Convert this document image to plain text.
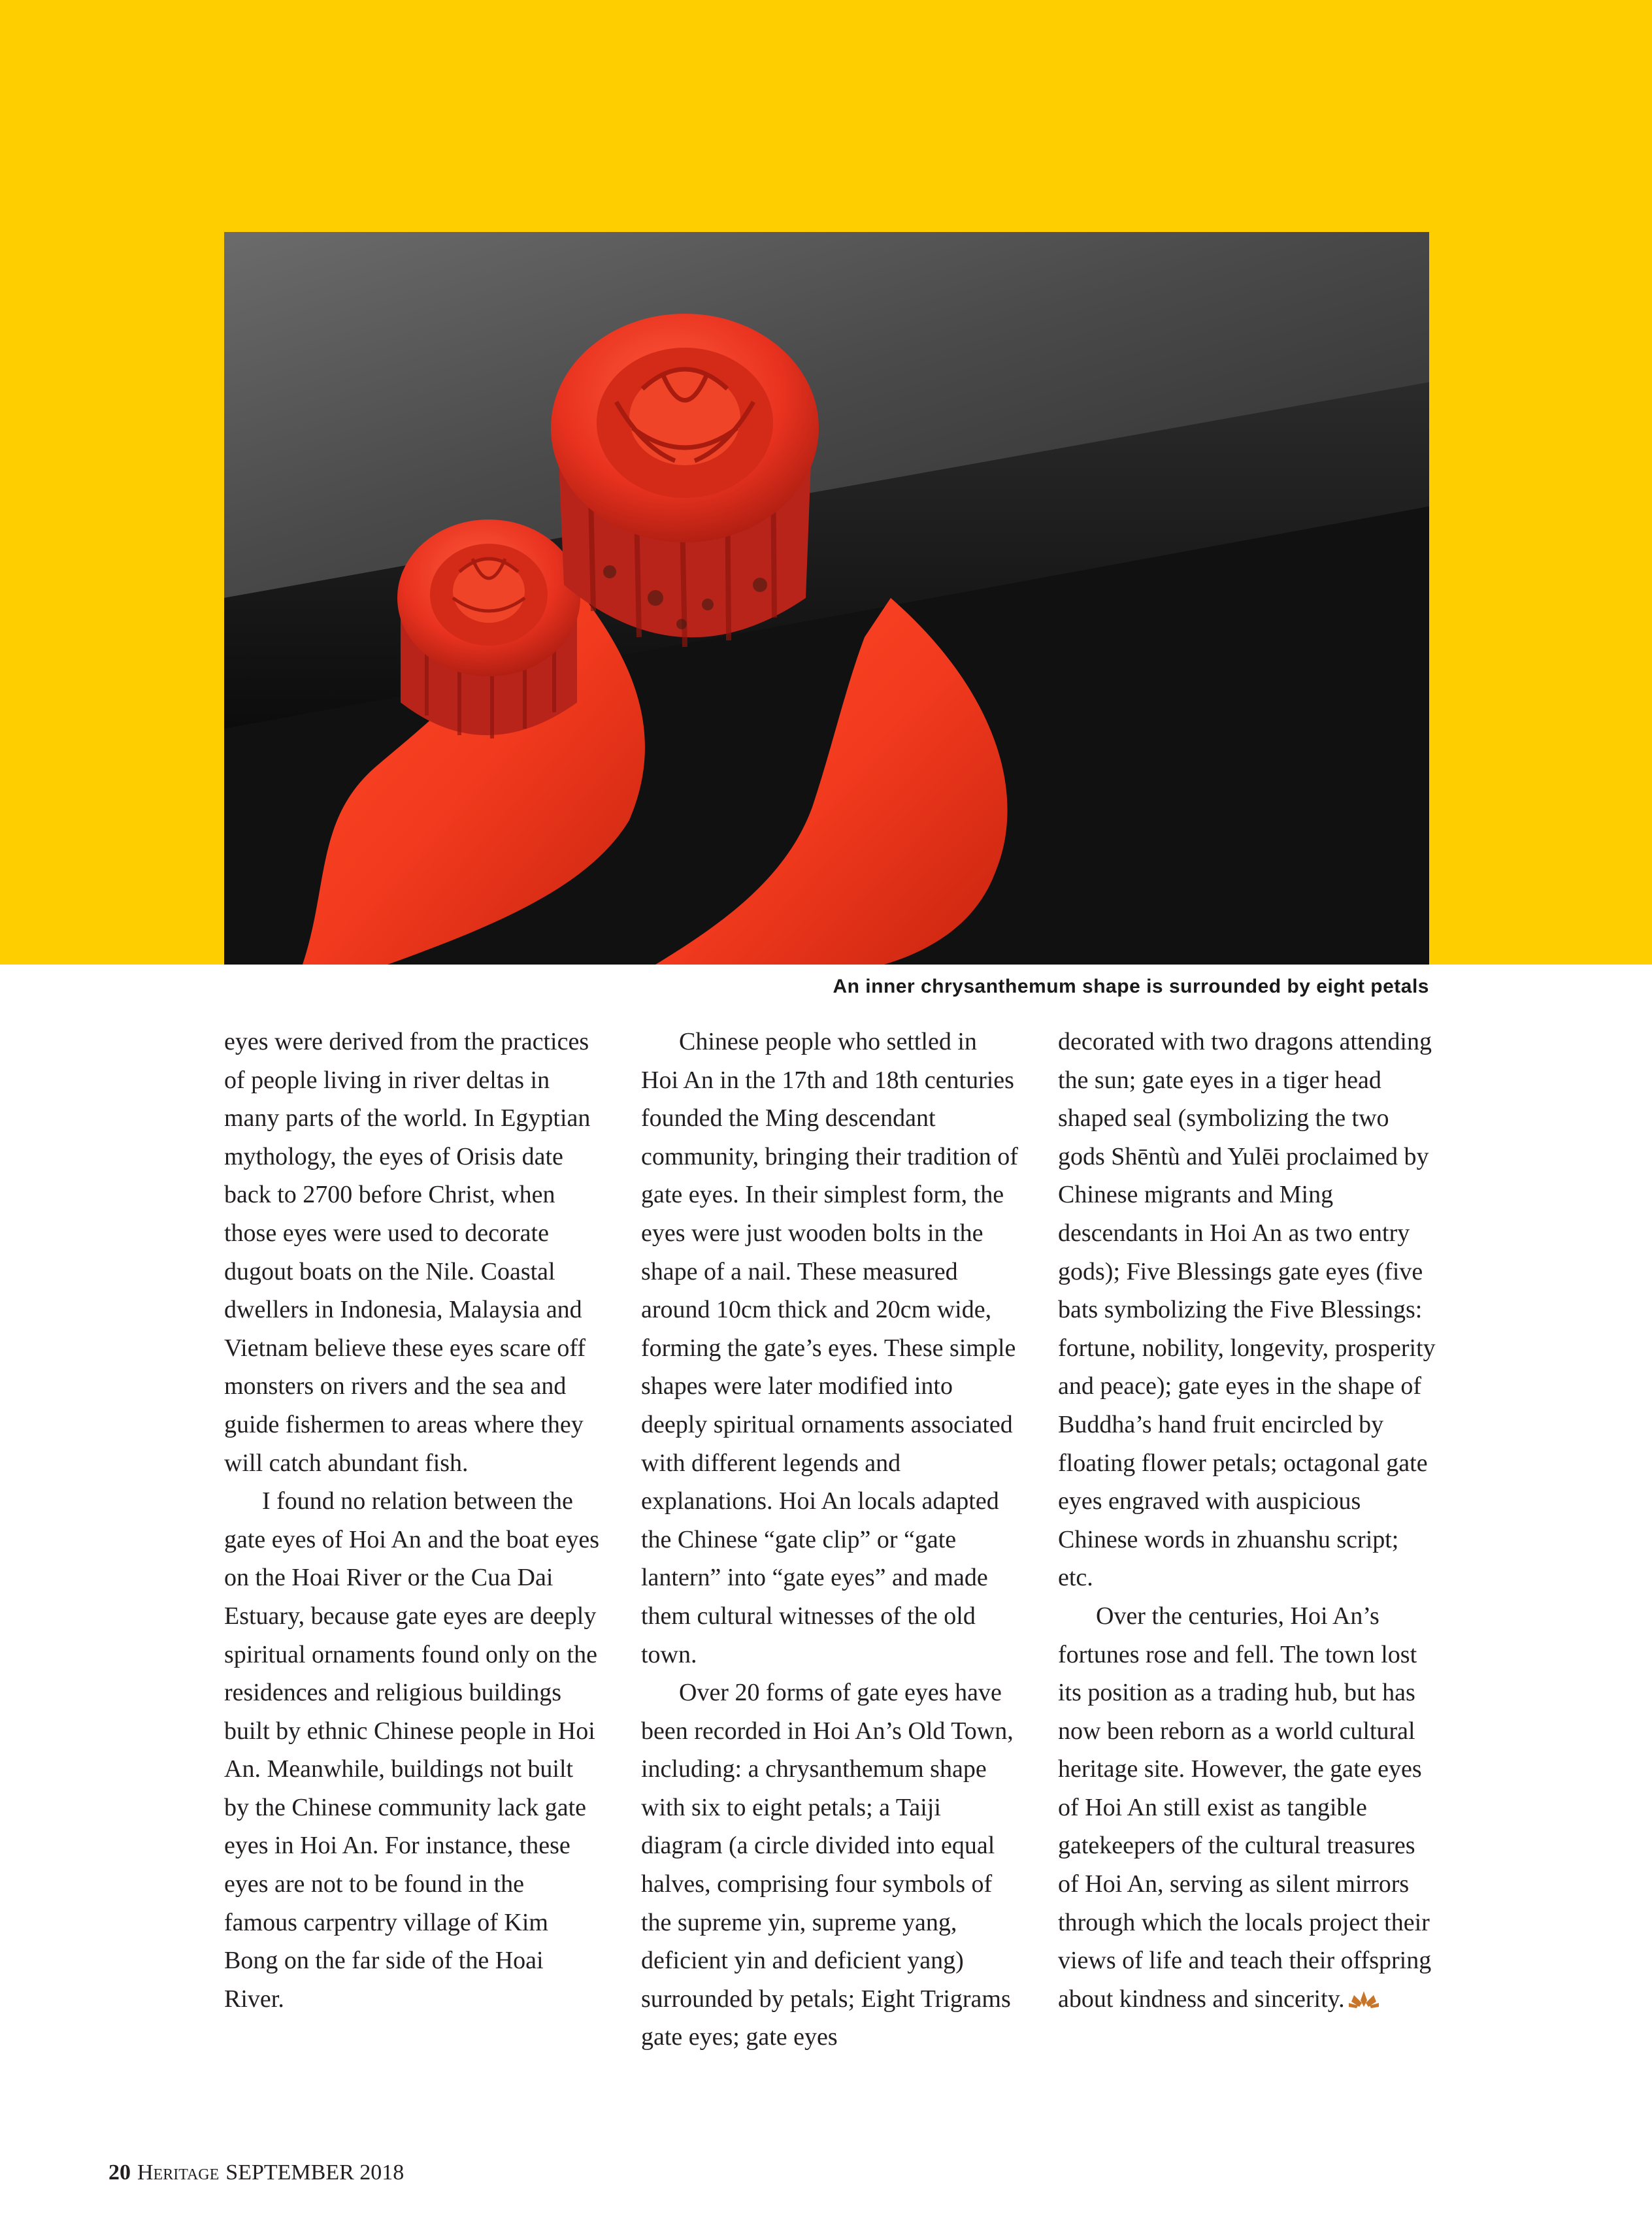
An inner chrysanthemum shape is surrounded by eight petals

eyes were derived from the practices of people living in river deltas in many parts of the world. In Egyptian mythology, the eyes of Orisis date back to 2700 before Christ, when those eyes were used to decorate dugout boats on the Nile. Coastal dwellers in Indonesia, Malaysia and Vietnam believe these eyes scare off monsters on rivers and the sea and guide fishermen to areas where they will catch abundant fish.

I found no relation between the gate eyes of Hoi An and the boat eyes on the Hoai River or the Cua Dai Estuary, because gate eyes are deeply spiritual ornaments found only on the residences and religious buildings built by ethnic Chinese people in Hoi An. Meanwhile, buildings not built by the Chinese community lack gate eyes in Hoi An. For instance, these eyes are not to be found in the famous carpentry village of Kim Bong on the far side of the Hoai River.

Chinese people who settled in Hoi An in the 17th and 18th centuries founded the Ming descendant community, bringing their tradition of gate eyes. In their simplest form, the eyes were just wooden bolts in the shape of a nail. These measured around 10cm thick and 20cm wide, forming the gate’s eyes. These simple shapes were later modified into deeply spiritual ornaments associated with different legends and explanations. Hoi An locals adapted the Chinese “gate clip” or “gate lantern” into “gate eyes” and made them cultural witnesses of the old town.

Over 20 forms of gate eyes have been recorded in Hoi An’s Old Town, including: a chrysanthemum shape with six to eight petals; a Taiji diagram (a circle divided into equal halves, comprising four symbols of the supreme yin, supreme yang, deficient yin and deficient yang) surrounded by petals; Eight Trigrams gate eyes; gate eyes

decorated with two dragons attending the sun; gate eyes in a tiger head shaped seal (symbolizing the two gods Shēntù and Yulēi proclaimed by Chinese migrants and Ming descendants in Hoi An as two entry gods); Five Blessings gate eyes (five bats symbolizing the Five Blessings: fortune, nobility, longevity, prosperity and peace); gate eyes in the shape of Buddha’s hand fruit encircled by floating flower petals; octagonal gate eyes engraved with auspicious Chinese words in zhuanshu script; etc.

Over the centuries, Hoi An’s fortunes rose and fell. The town lost its position as a trading hub, but has now been reborn as a world cultural heritage site. However, the gate eyes of Hoi An still exist as tangible gatekeepers of the cultural treasures of Hoi An, serving as silent mirrors through which the locals project their views of life and teach their offspring about kindness and sincerity.

20 Heritage SEPTEMBER 2018
